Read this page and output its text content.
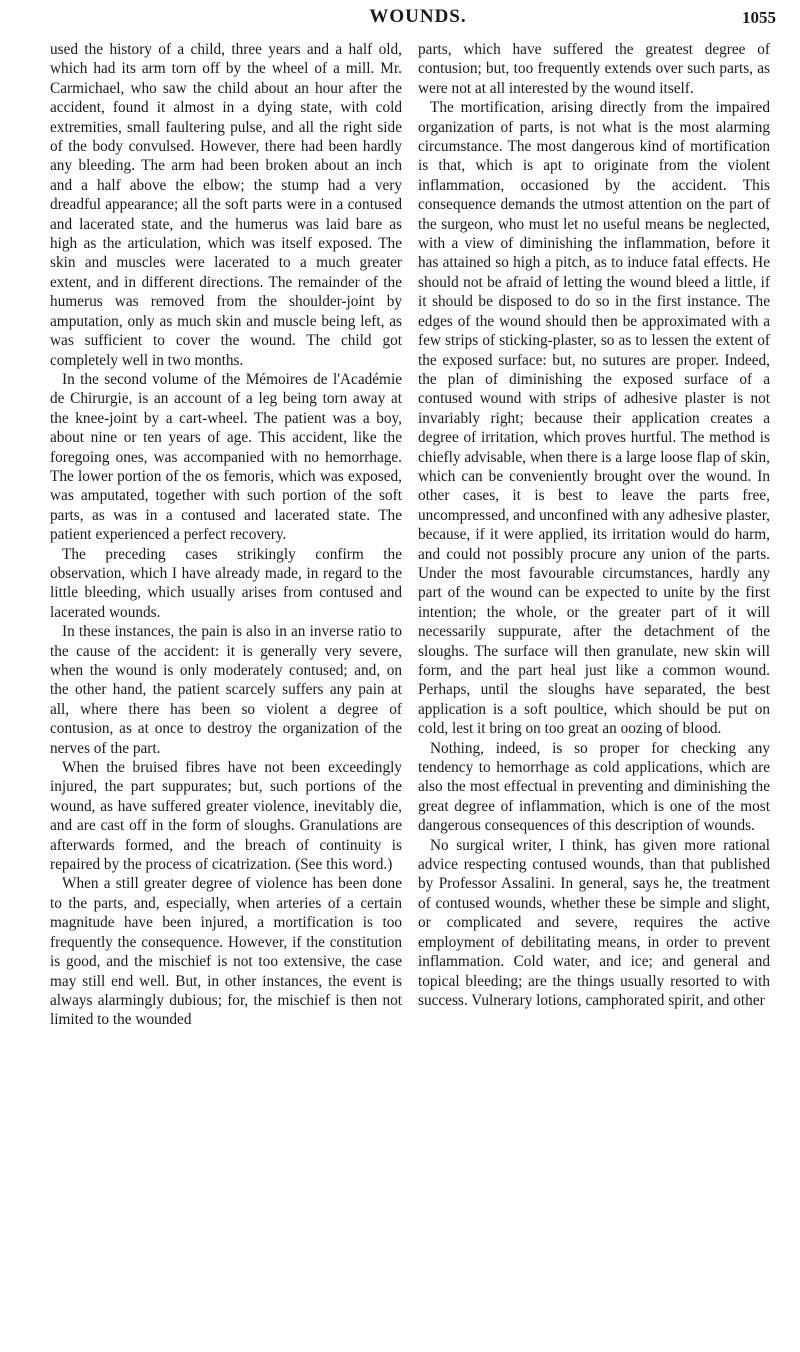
WOUNDS.	1055

used the history of a child, three years and a half old, which had its arm torn off by the wheel of a mill. Mr. Carmichael, who saw the child about an hour after the accident, found it almost in a dying state, with cold extremities, small faultering pulse, and all the right side of the body convulsed. However, there had been hardly any bleeding. The arm had been broken about an inch and a half above the elbow; the stump had a very dreadful appearance; all the soft parts were in a contused and lacerated state, and the humerus was laid bare as high as the articulation, which was itself exposed. The skin and muscles were lacerated to a much greater extent, and in different directions. The remainder of the humerus was removed from the shoulder-joint by amputation, only as much skin and muscle being left, as was sufficient to cover the wound. The child got completely well in two months.

In the second volume of the Mémoires de l'Académie de Chirurgie, is an account of a leg being torn away at the knee-joint by a cart-wheel. The patient was a boy, about nine or ten years of age. This accident, like the foregoing ones, was accompanied with no hemorrhage. The lower portion of the os femoris, which was exposed, was amputated, together with such portion of the soft parts, as was in a contused and lacerated state. The patient experienced a perfect recovery.

The preceding cases strikingly confirm the observation, which I have already made, in regard to the little bleeding, which usually arises from contused and lacerated wounds.

In these instances, the pain is also in an inverse ratio to the cause of the accident: it is generally very severe, when the wound is only moderately contused; and, on the other hand, the patient scarcely suffers any pain at all, where there has been so violent a degree of contusion, as at once to destroy the organization of the nerves of the part.

When the bruised fibres have not been exceedingly injured, the part suppurates; but, such portions of the wound, as have suffered greater violence, inevitably die, and are cast off in the form of sloughs. Granulations are afterwards formed, and the breach of continuity is repaired by the process of cicatrization. (See this word.)

When a still greater degree of violence has been done to the parts, and, especially, when arteries of a certain magnitude have been injured, a mortification is too frequently the consequence. However, if the constitution is good, and the mischief is not too extensive, the case may still end well. But, in other instances, the event is always alarmingly dubious; for, the mischief is then not limited to the wounded

parts, which have suffered the greatest degree of contusion; but, too frequently extends over such parts, as were not at all interested by the wound itself.

The mortification, arising directly from the impaired organization of parts, is not what is the most alarming circumstance. The most dangerous kind of mortification is that, which is apt to originate from the violent inflammation, occasioned by the accident. This consequence demands the utmost attention on the part of the surgeon, who must let no useful means be neglected, with a view of diminishing the inflammation, before it has attained so high a pitch, as to induce fatal effects. He should not be afraid of letting the wound bleed a little, if it should be disposed to do so in the first instance. The edges of the wound should then be approximated with a few strips of sticking-plaster, so as to lessen the extent of the exposed surface: but, no sutures are proper. Indeed, the plan of diminishing the exposed surface of a contused wound with strips of adhesive plaster is not invariably right; because their application creates a degree of irritation, which proves hurtful. The method is chiefly advisable, when there is a large loose flap of skin, which can be conveniently brought over the wound. In other cases, it is best to leave the parts free, uncompressed, and unconfined with any adhesive plaster, because, if it were applied, its irritation would do harm, and could not possibly procure any union of the parts. Under the most favourable circumstances, hardly any part of the wound can be expected to unite by the first intention; the whole, or the greater part of it will necessarily suppurate, after the detachment of the sloughs. The surface will then granulate, new skin will form, and the part heal just like a common wound. Perhaps, until the sloughs have separated, the best application is a soft poultice, which should be put on cold, lest it bring on too great an oozing of blood.

Nothing, indeed, is so proper for checking any tendency to hemorrhage as cold applications, which are also the most effectual in preventing and diminishing the great degree of inflammation, which is one of the most dangerous consequences of this description of wounds.

No surgical writer, I think, has given more rational advice respecting contused wounds, than that published by Professor Assalini. In general, says he, the treatment of contused wounds, whether these be simple and slight, or complicated and severe, requires the active employment of debilitating means, in order to prevent inflammation. Cold water, and ice; and general and topical bleeding; are the things usually resorted to with success. Vulnerary lotions, camphorated spirit, and other
